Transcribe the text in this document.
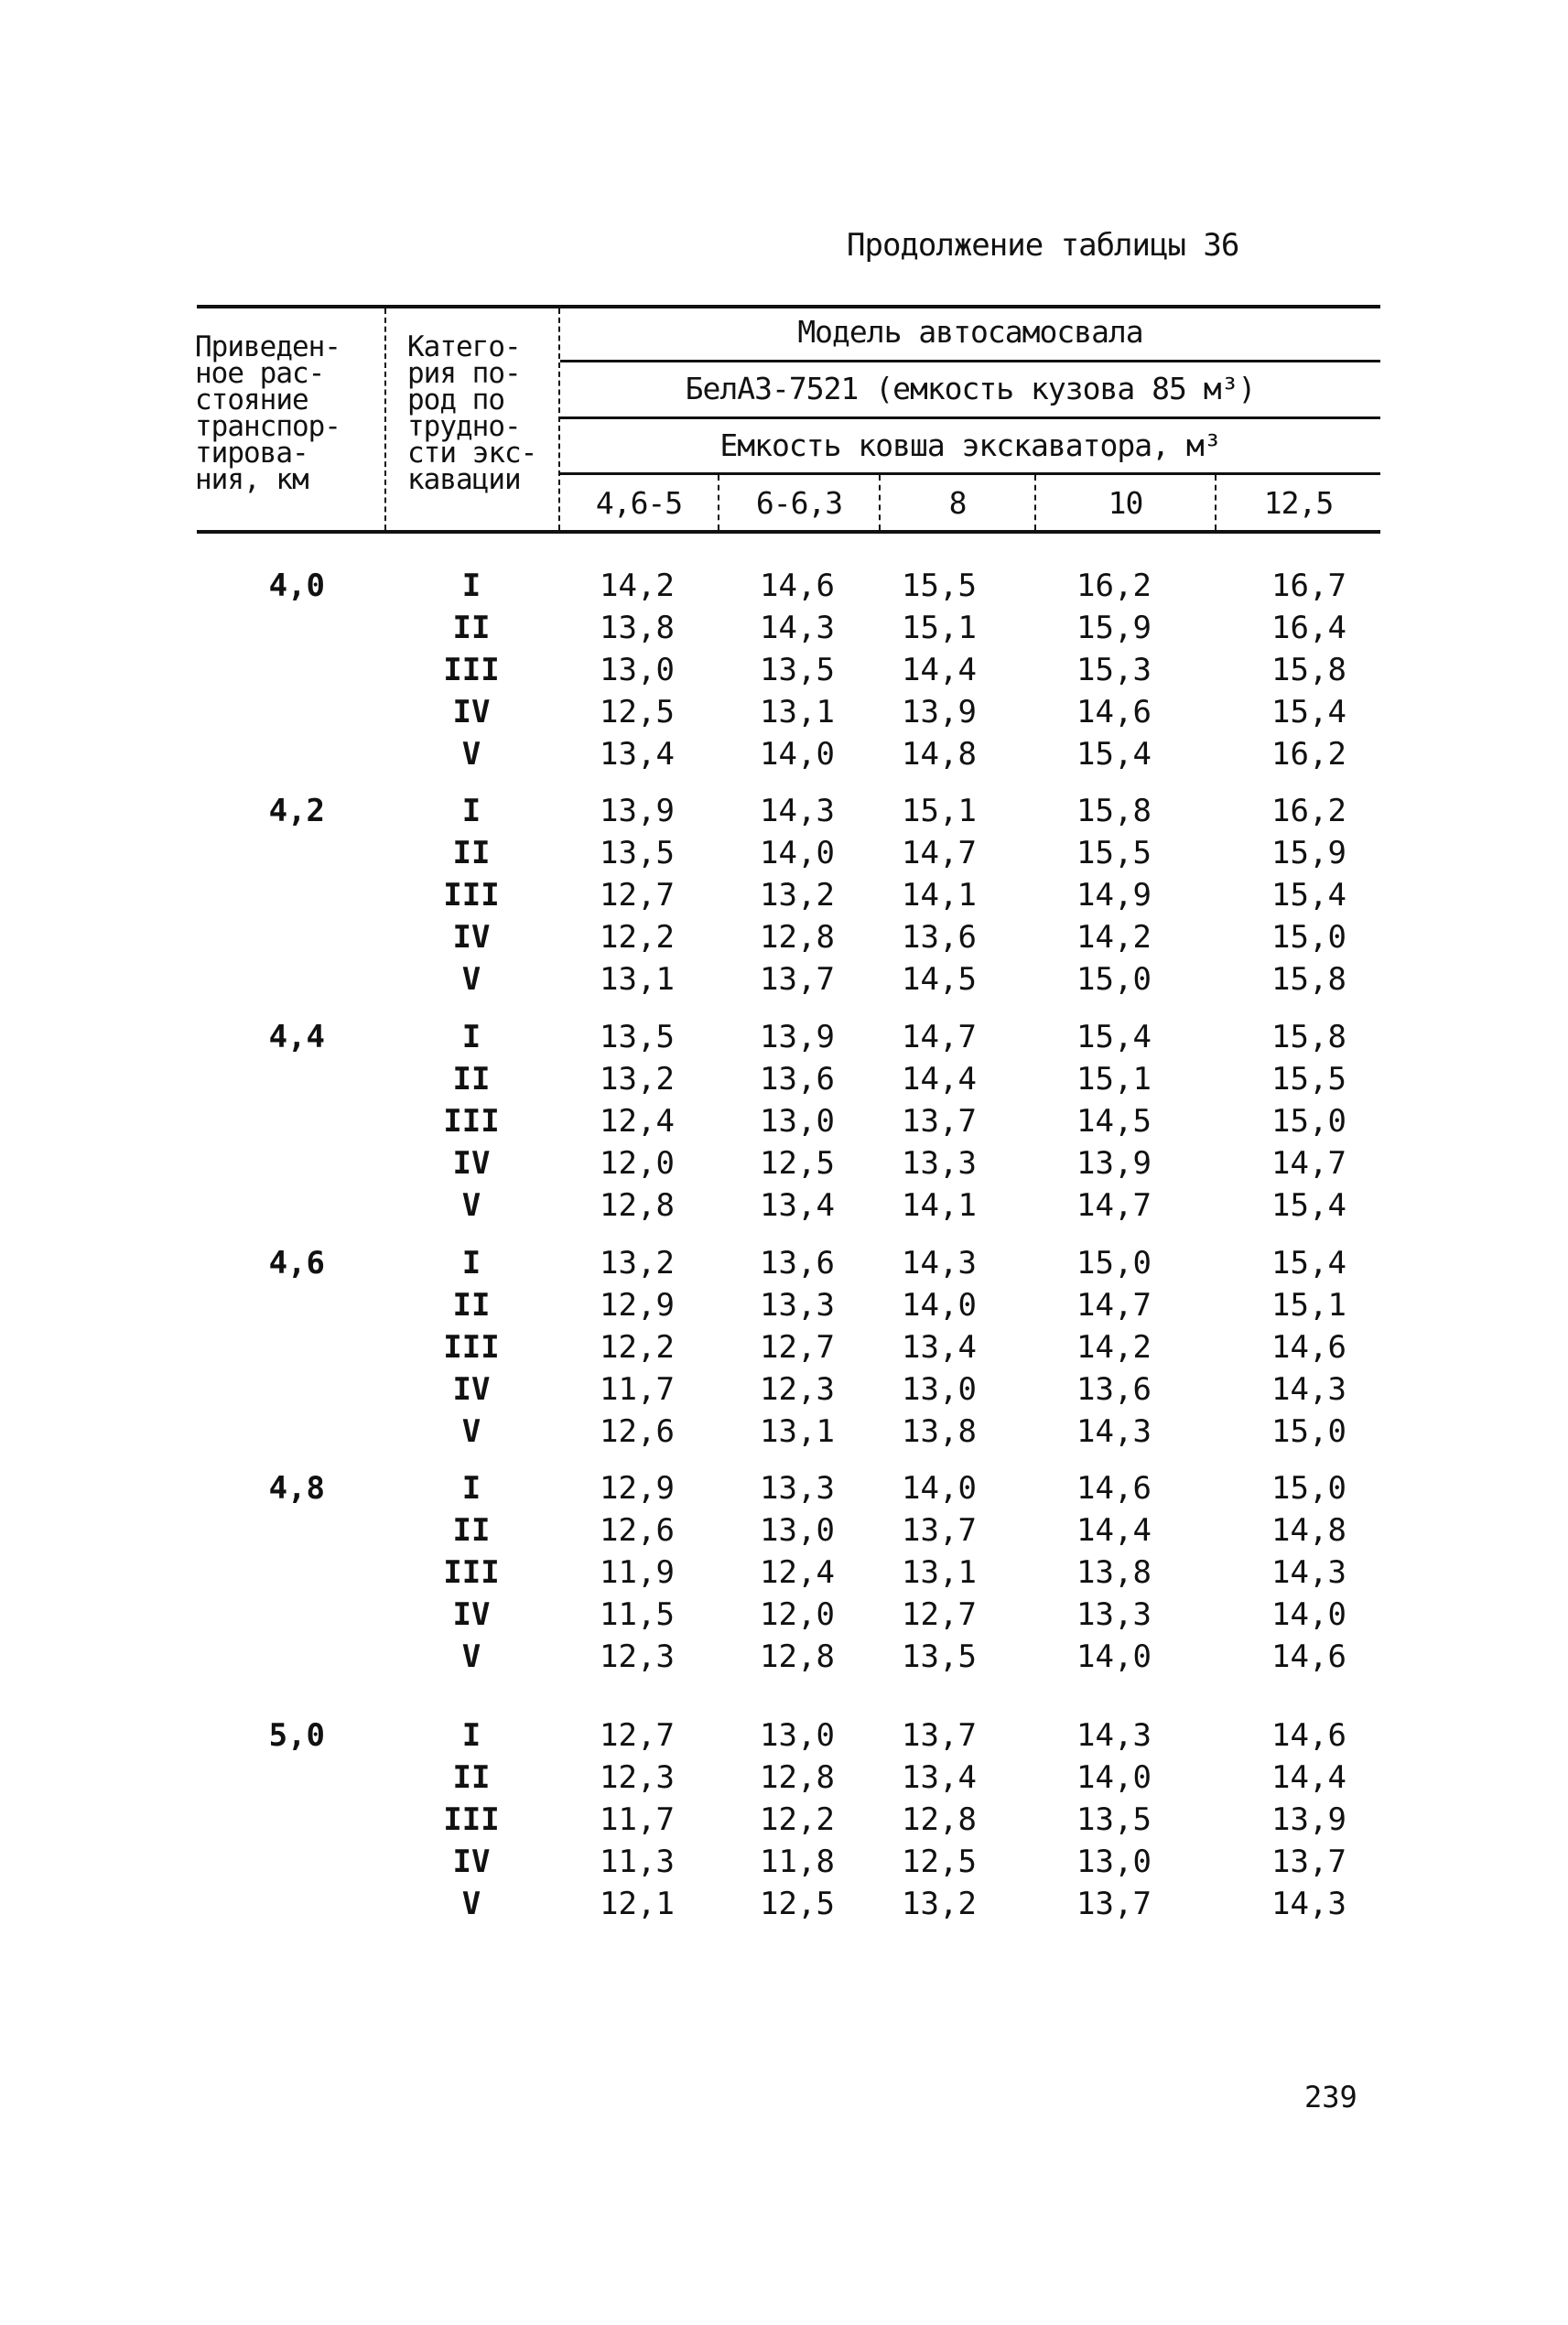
Продолжение таблицы 36
Приведен-
ное рас-
стояние
транспор-
тирова-
ния, км
Катего-
рия по-
род по
трудно-
сти экс-
кавации
Модель автосамосвала
БелАЗ-7521 (емкость кузова 85 м³)
Емкость ковша экскаватора, м³
4,6-5	6-6,3	8	10	12,5
4,0	I	14,2	14,6	15,5	16,2	16,7
II	13,8	14,3	15,1	15,9	16,4
III	13,0	13,5	14,4	15,3	15,8
IV	12,5	13,1	13,9	14,6	15,4
V	13,4	14,0	14,8	15,4	16,2
4,2	I	13,9	14,3	15,1	15,8	16,2
II	13,5	14,0	14,7	15,5	15,9
III	12,7	13,2	14,1	14,9	15,4
IV	12,2	12,8	13,6	14,2	15,0
V	13,1	13,7	14,5	15,0	15,8
4,4	I	13,5	13,9	14,7	15,4	15,8
II	13,2	13,6	14,4	15,1	15,5
III	12,4	13,0	13,7	14,5	15,0
IV	12,0	12,5	13,3	13,9	14,7
V	12,8	13,4	14,1	14,7	15,4
4,6	I	13,2	13,6	14,3	15,0	15,4
II	12,9	13,3	14,0	14,7	15,1
III	12,2	12,7	13,4	14,2	14,6
IV	11,7	12,3	13,0	13,6	14,3
V	12,6	13,1	13,8	14,3	15,0
4,8	I	12,9	13,3	14,0	14,6	15,0
II	12,6	13,0	13,7	14,4	14,8
III	11,9	12,4	13,1	13,8	14,3
IV	11,5	12,0	12,7	13,3	14,0
V	12,3	12,8	13,5	14,0	14,6
5,0	I	12,7	13,0	13,7	14,3	14,6
II	12,3	12,8	13,4	14,0	14,4
III	11,7	12,2	12,8	13,5	13,9
IV	11,3	11,8	12,5	13,0	13,7
V	12,1	12,5	13,2	13,7	14,3
239
